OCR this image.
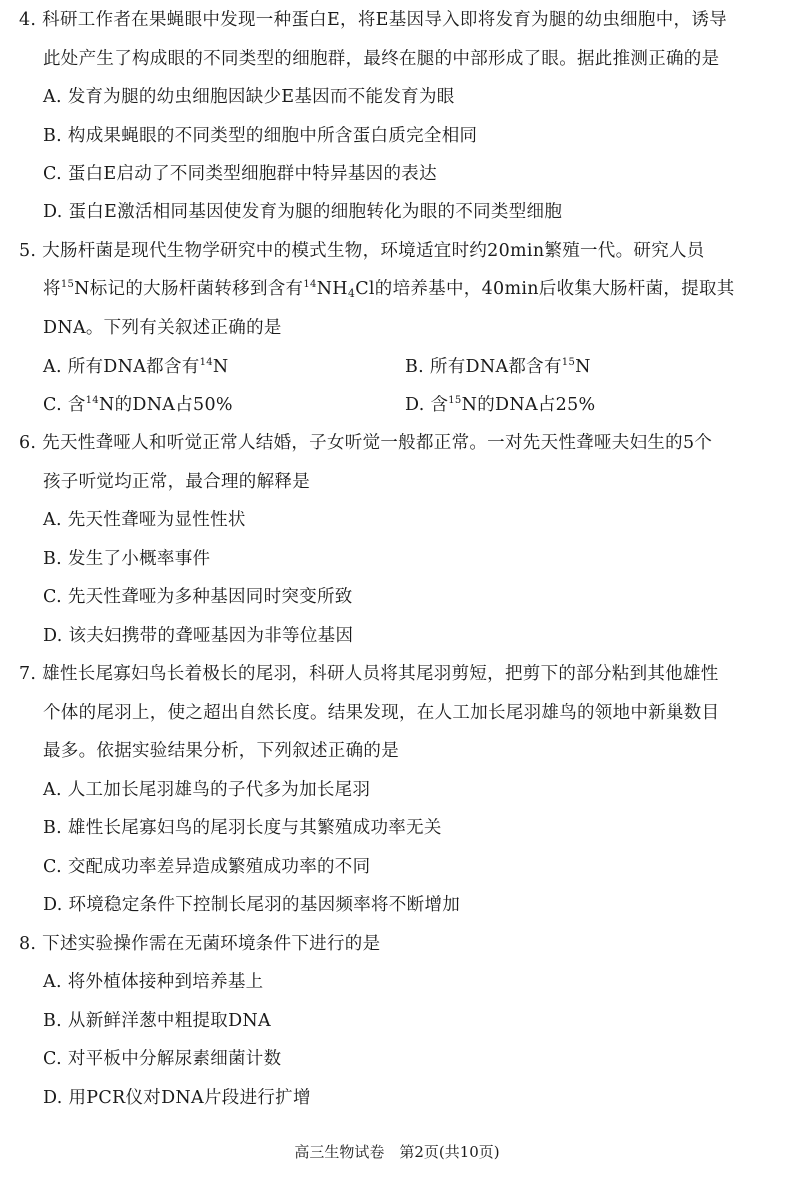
4. 科研工作者在果蝇眼中发现一种蛋白E，将E基因导入即将发育为腿的幼虫细胞中，诱导
此处产生了构成眼的不同类型的细胞群，最终在腿的中部形成了眼。据此推测正确的是
A. 发育为腿的幼虫细胞因缺少E基因而不能发育为眼
B. 构成果蝇眼的不同类型的细胞中所含蛋白质完全相同
C. 蛋白E启动了不同类型细胞群中特异基因的表达
D. 蛋白E激活相同基因使发育为腿的细胞转化为眼的不同类型细胞
5. 大肠杆菌是现代生物学研究中的模式生物，环境适宜时约20min繁殖一代。研究人员
将$^{15}$N标记的大肠杆菌转移到含有$^{14}NH_4Cl$的培养基中，40min后收集大肠杆菌，提取其
DNA。下列有关叙述正确的是
A. 所有DNA都含有$^{14}$N	B. 所有DNA都含有$^{15}$N
C. 含$^{14}$N的DNA占50%	D. 含$^{15}$N的DNA占25%
6. 先天性聋哑人和听觉正常人结婚，子女听觉一般都正常。一对先天性聋哑夫妇生的5个
孩子听觉均正常，最合理的解释是
A. 先天性聋哑为显性性状
B. 发生了小概率事件
C. 先天性聋哑为多种基因同时突变所致
D. 该夫妇携带的聋哑基因为非等位基因
7. 雄性长尾寡妇鸟长着极长的尾羽，科研人员将其尾羽剪短，把剪下的部分粘到其他雄性
个体的尾羽上，使之超出自然长度。结果发现，在人工加长尾羽雄鸟的领地中新巢数目
最多。依据实验结果分析，下列叙述正确的是
A. 人工加长尾羽雄鸟的子代多为加长尾羽
B. 雄性长尾寡妇鸟的尾羽长度与其繁殖成功率无关
C. 交配成功率差异造成繁殖成功率的不同
D. 环境稳定条件下控制长尾羽的基因频率将不断增加
8. 下述实验操作需在无菌环境条件下进行的是
A. 将外植体接种到培养基上
B. 从新鲜洋葱中粗提取DNA
C. 对平板中分解尿素细菌计数
D. 用PCR仪对DNA片段进行扩增
高三生物试卷　第2页(共10页)
